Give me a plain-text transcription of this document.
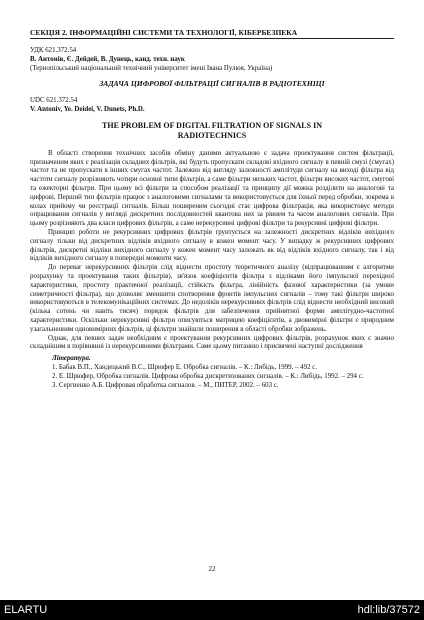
СЕКЦІЯ 2. ІНФОРМАЦІЙНІ СИСТЕМИ ТА ТЕХНОЛОГІЇ, КІБЕРБЕЗПЕКА

УДК 621.372.54

В. Антонів, Є. Дейдей, В. Дунець, канд. техн. наук

(Тернопільський національний технічний університет імені Івана Пулюя, Україна)

ЗАДАЧА ЦИФРОВОЇ ФІЛЬТРАЦІЇ СИГНАЛІВ В РАДІОТЕХНІЦІ

UDC 621.372.54

V. Antoniv, Ye. Deidei, V. Dunets, Ph.D.

THE PROBLEM OF DIGITAL FILTRATION OF SIGNALS IN RADIOTECHNICS

В області створення технічних засобів обміну даними актуальною є задача проектування систем фільтрації, призначеним яких є реалізація складних фільтрів, які будуть пропускати складові вхідного сигналу в певній смузі (смугах) частот та не пропускати в інших смугах частот. Залежно від вигляду залежності амплітуди сигналу на виході фільтра від частоти сигналу розрізняють чотири основні типи фільтрів, а саме фільтри низьких частот, фільтри високих частот, смугові та ежекторні фільтри. При цьому всі фільтри за способом реалізації та принципу дії можна розділити на аналогові та цифрові. Перший тип фільтрів працює з аналоговими сигналами та використовується для їхньої перед обробки, зокрема в колах прийому чи реєстрації сигналів. Більш поширеним сьогодні стає цифрова фільтрація, яка використовує методи опрацювання сигналів у вигляді дискретних послідовностей квантова них за рівнем та часом аналогових сигналів. При цьому розрізняють два класи цифрових фільтрів, а саме нерекурсивні цифрові фільтри та рекурсивні цифрові фільтри.

Принцип роботи не рекурсивних цифрових фільтрів ґрунтується на залежності дискретних відліків вихідного сигналу тільки від дискретних відліків вхідного сигналу в кожен момент часу. У випадку ж рекурсивних цифрових фільтрів, дискретні відліки вихідного сигналу у кожен момент часу залежать як від відліків вхідного сигналу, так і від відліків вихідного сигналу в попередні моменти часу.

До переваг нерекурсивних фільтрів слід віднести простоту теоретичного аналізу (відпрацюванням є алгоритми розрахунку та проектування таких фільтрів), зв'язок коефіцієнтів фільтра з відліками його імпульсної перехідної характеристики, простоту практичної реалізації, стійкість фільтра, лінійність фазової характеристики (за умови симетричності фільтра), що дозволяє зменшити спотворення фронтів імпульсних сигналів – тому такі фільтри широко використовуються в телекомунікаційних системах. До недоліків нерекурсивних фільтрів слід віднести необхідний високий (кілька сотень чи навіть тисяч) порядок фільтрів для забезпечення прийнятної форми амплітудно-частотної характеристики. Оскільки нерекурсивні фільтри описуються матрицею коефіцієнтів, а двовимірні фільтри є природним узагальненням одновимірних фільтрів, ці фільтри знайшли поширення в області обробки зображень.

Однак, для певних задач необхідним є проектування рекурсивних цифрових фільтрів, розрахунок яких є значно складнішим в порівнянні із нерекурсивними фільтрами. Саме цьому питанню і присвячені наступні дослідження

Література.

1. Бабак В.П., Хандецький В.С., Шрюфер Е. Обробка сигналів. – К.: Либідь, 1999. – 492 с.

2. Е. Шрюфер, Обробка сигналів. Цифрова обробка дискретизованих сигналів. – К.: Либідь, 1992. – 294 с.

3. Сергиенко А.Б. Цифровая обработка сигналов. – М., ПИТЕР, 2002. – 603 с.

22
ELARTU	hdl:lib/37572
